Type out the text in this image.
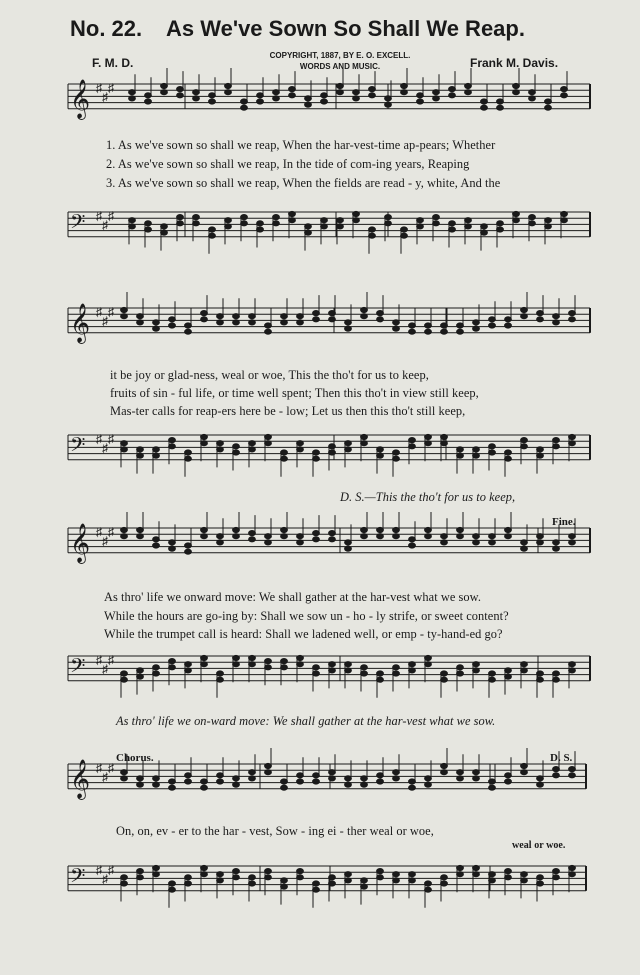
No. 22. As We've Sown So Shall We Reap.
F. M. D.
COPYRIGHT, 1887, BY E. O. EXCELL.
WORDS AND MUSIC.	Frank M. Davis.
𝄞 ♯
♯
♯
𝄢 ♯
♯
♯
𝄞 ♯
♯
♯
𝄢 ♯
♯
♯
𝄞 ♯
♯
♯
𝄢 ♯
♯
♯
𝄞 ♯
♯
♯
𝄢 ♯
♯
♯
1. As we've sown so shall we reap, When the har-vest-time ap-pears; Whether
2. As we've sown so shall we reap, In the tide of com-ing years, Reaping
3. As we've sown so shall we reap, When the fields are read - y, white, And the
it be joy or glad-ness, weal or woe, This the tho't for us to keep,
fruits of sin - ful life, or time well spent; Then this tho't in view still keep,
Mas-ter calls for reap-ers here be - low; Let us then this tho't still keep,
D. S.—This the tho't for us to keep,
Fine.
As thro' life we onward move: We shall gather at the har-vest what we sow.
While the hours are go-ing by: Shall we sow un - ho - ly strife, or sweet content?
While the trumpet call is heard: Shall we ladened well, or emp - ty-hand-ed go?
As thro' life we on-ward move: We shall gather at the har-vest what we sow.
Chorus.	D. S.
On, on, ev - er to the har - vest, Sow - ing ei - ther weal or woe,
weal or woe.
